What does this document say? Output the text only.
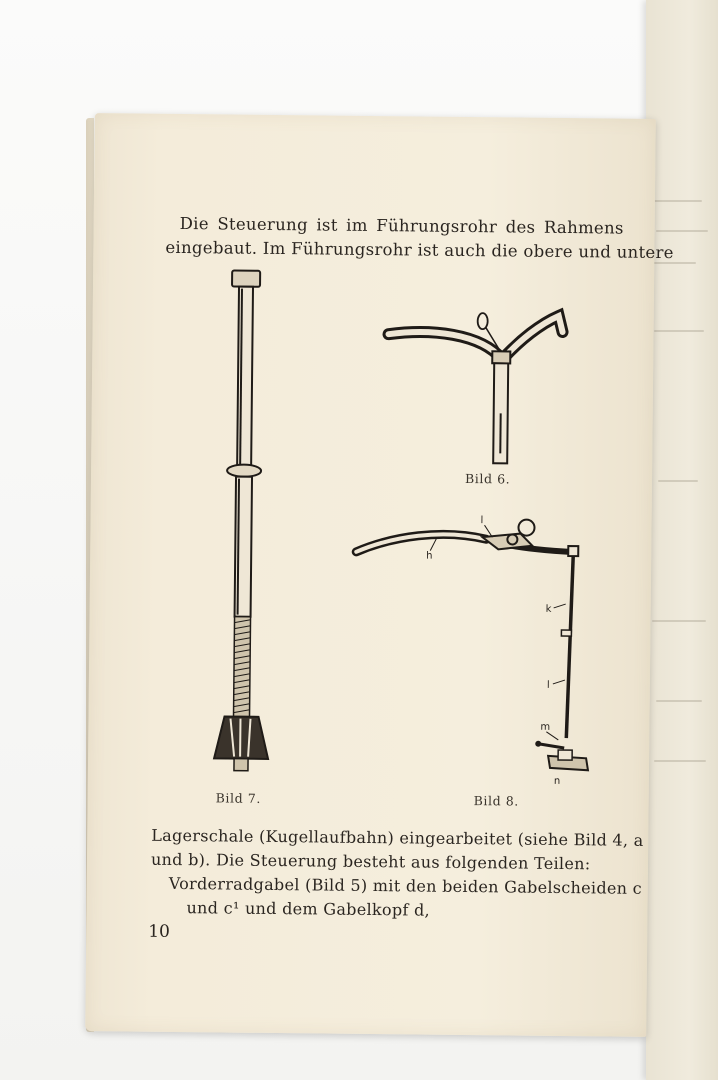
Die Steuerung ist im Führungsrohr des Rahmens

eingebaut. Im Führungsrohr ist auch die obere und untere

Bild 6.

l
h
k
l
m
n

Bild 7.	Bild 8.

Lagerschale (Kugellaufbahn) eingearbeitet (siehe Bild 4, a

und b). Die Steuerung besteht aus folgenden Teilen:

Vorderradgabel (Bild 5) mit den beiden Gabelscheiden c

und c¹ und dem Gabelkopf d,

10
